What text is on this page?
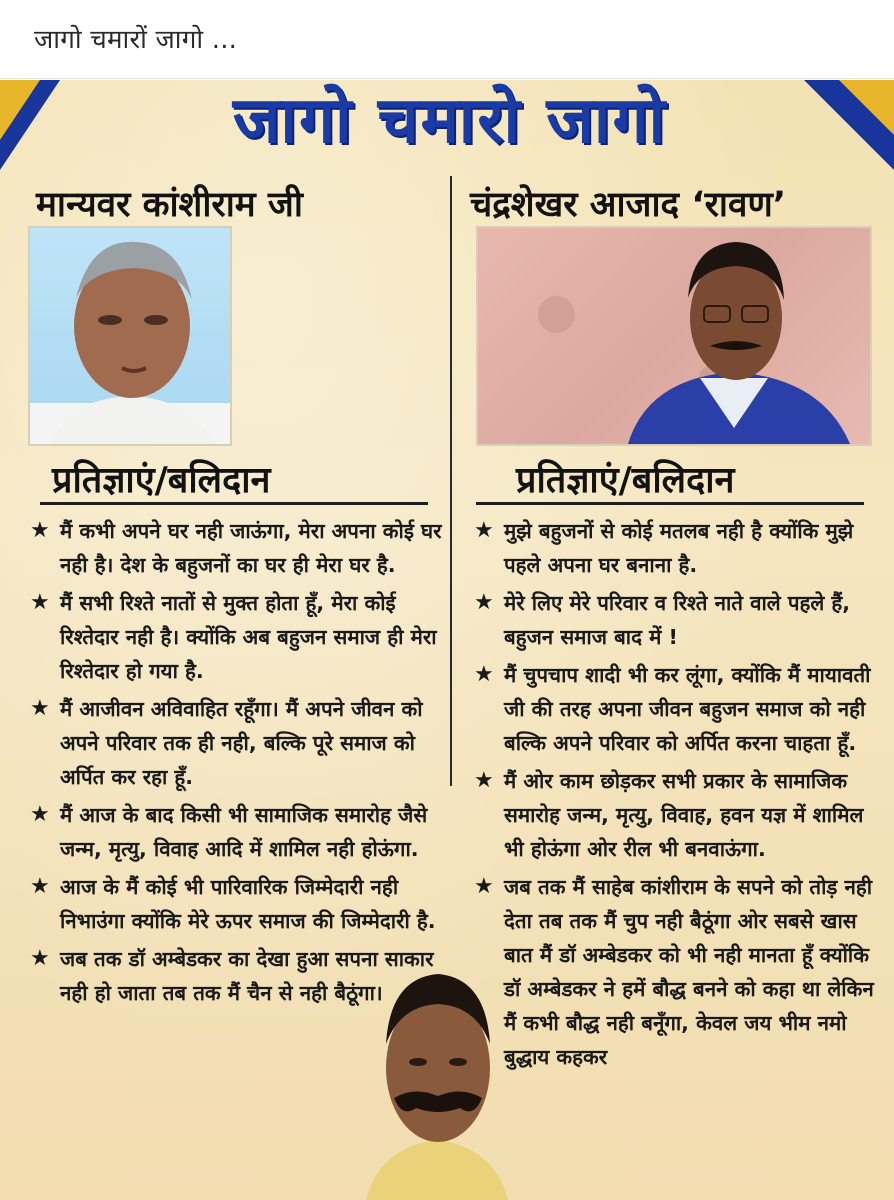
जागो चमारों जागो ...
जागो चमारो जागो
मान्यवर कांशीराम जी	चंद्रशेखर आजाद ‘रावण’
प्रतिज्ञाएं/बलिदान	प्रतिज्ञाएं/बलिदान
★ मैं कभी अपने घर नही जाऊंगा, मेरा अपना कोई घर नही है। देश के बहुजनों का घर ही मेरा घर है.
★ मैं सभी रिश्ते नातों से मुक्त होता हूँ, मेरा कोई रिश्तेदार नही है। क्योंकि अब बहुजन समाज ही मेरा रिश्तेदार हो गया है.
★ मैं आजीवन अविवाहित रहूँगा। मैं अपने जीवन को अपने परिवार तक ही नही, बल्कि पूरे समाज को अर्पित कर रहा हूँ.
★ मैं आज के बाद किसी भी सामाजिक समारोह जैसे जन्म, मृत्यु, विवाह आदि में शामिल नही होऊंगा.
★ आज के मैं कोई भी पारिवारिक जिम्मेदारी नही निभाउंगा क्योंकि मेरे ऊपर समाज की जिम्मेदारी है.
★ जब तक डॉ अम्बेडकर का देखा हुआ सपना साकार नही हो जाता तब तक मैं चैन से नही बैठूंगा।
★ मुझे बहुजनों से कोई मतलब नही है क्योंकि मुझे पहले अपना घर बनाना है.
★ मेरे लिए मेरे परिवार व रिश्ते नाते वाले पहले हैं, बहुजन समाज बाद में !
★ मैं चुपचाप शादी भी कर लूंगा, क्योंकि मैं मायावती जी की तरह अपना जीवन बहुजन समाज को नही बल्कि अपने परिवार को अर्पित करना चाहता हूँ.
★ मैं ओर काम छोड़कर सभी प्रकार के सामाजिक समारोह जन्म, मृत्यु, विवाह, हवन यज्ञ में शामिल भी होऊंगा ओर रील भी बनवाऊंगा.
★ जब तक मैं साहेब कांशीराम के सपने को तोड़ नही देता तब तक मैं चुप नही बैठूंगा ओर सबसे खास बात मैं डॉ अम्बेडकर को भी नही मानता हूँ क्योंकि डॉ अम्बेडकर ने हमें बौद्ध बनने को कहा था लेकिन मैं कभी बौद्ध नही बनूँगा, केवल जय भीम नमो बुद्धाय कहकर
